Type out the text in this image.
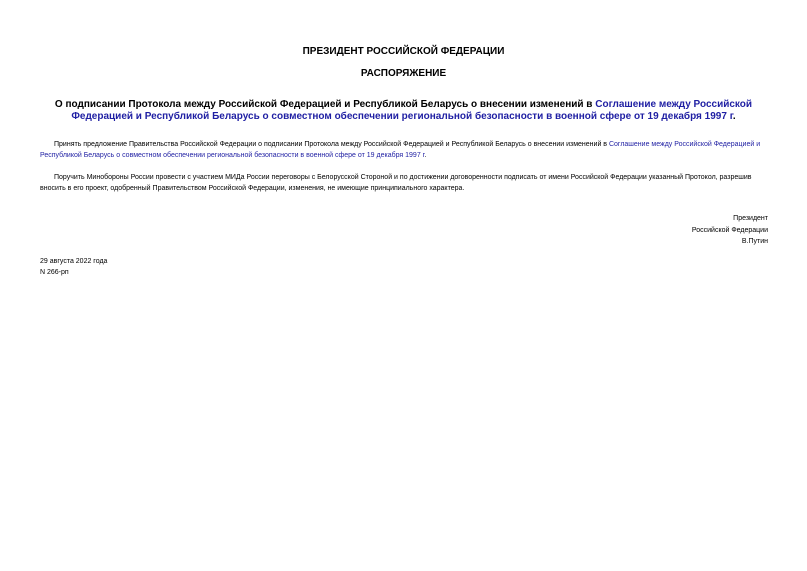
ПРЕЗИДЕНТ РОССИЙСКОЙ ФЕДЕРАЦИИ

РАСПОРЯЖЕНИЕ

О подписании Протокола между Российской Федерацией и Республикой Беларусь о внесении изменений в Соглашение между Российской Федерацией и Республикой Беларусь о совместном обеспечении региональной безопасности в военной сфере от 19 декабря 1997 г.

Принять предложение Правительства Российской Федерации о подписании Протокола между Российской Федерацией и Республикой Беларусь о внесении изменений в Соглашение между Российской Федерацией и Республикой Беларусь о совместном обеспечении региональной безопасности в военной сфере от 19 декабря 1997 г.

Поручить Минобороны России провести с участием МИДа России переговоры с Белорусской Стороной и по достижении договоренности подписать от имени Российской Федерации указанный Протокол, разрешив вносить в его проект, одобренный Правительством Российской Федерации, изменения, не имеющие принципиального характера.

Президент
Российской Федерации
В.Путин
29 августа 2022 года
N 266-рп
